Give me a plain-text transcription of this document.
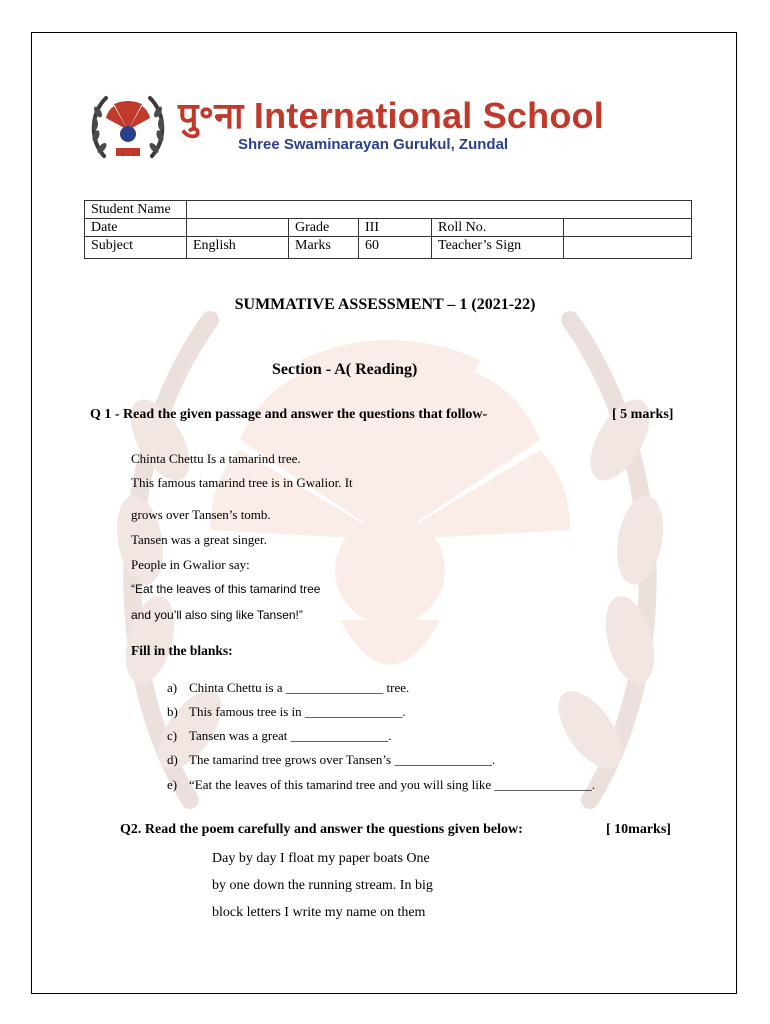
पु॰ना International School
Shree Swaminarayan Gurukul, Zundal
Student Name					
Date		Grade	III	Roll No.	
Subject	English	Marks	60	Teacher’s Sign	
SUMMATIVE ASSESSMENT – 1 (2021-22)
Section - A( Reading)
Q 1 - Read the given passage and answer the questions that follow-	[ 5 marks]
Chinta Chettu Is a tamarind tree.
This famous tamarind tree is in Gwalior. It
grows over Tansen’s tomb.
Tansen was a great singer.
People in Gwalior say:
“Eat the leaves of this tamarind tree
and you’ll also sing like Tansen!”
Fill in the blanks:
a) Chinta Chettu is a _______________ tree.
b) This famous tree is in _______________.
c) Tansen was a great _______________.
d) The tamarind tree grows over Tansen’s _______________.
e) “Eat the leaves of this tamarind tree and you will sing like _______________.
Q2. Read the poem carefully and answer the questions given below:	[ 10marks]
Day by day I float my paper boats One
by one down the running stream. In big
block letters I write my name on them
